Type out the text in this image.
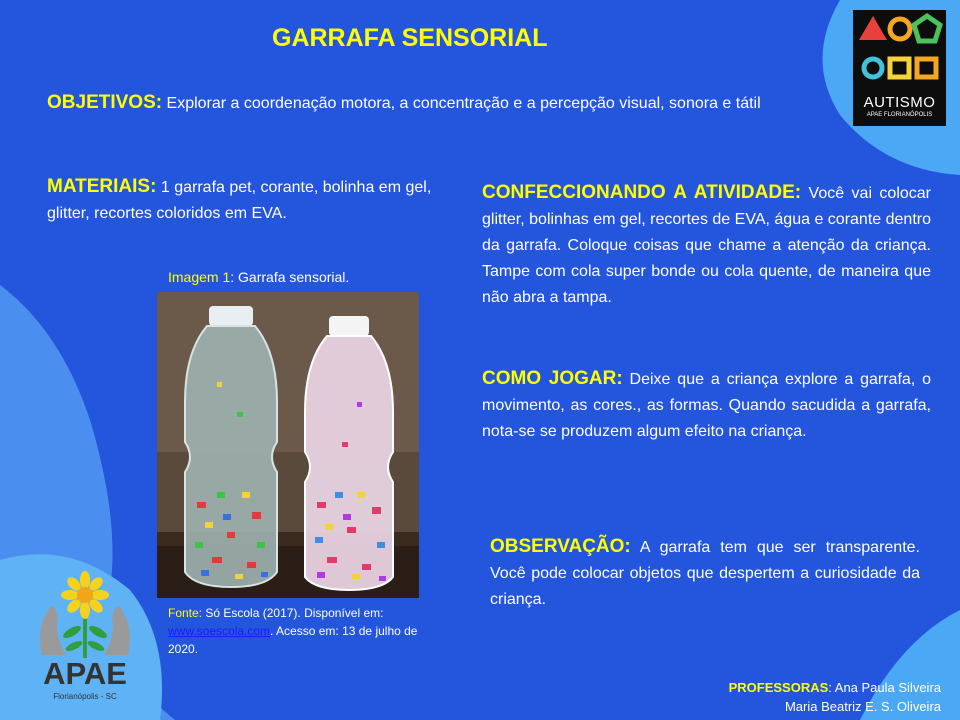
GARRAFA SENSORIAL
OBJETIVOS: Explorar a coordenação motora, a concentração e a percepção visual, sonora e tátil
MATERIAIS: 1 garrafa pet, corante, bolinha em gel, glitter, recortes coloridos em EVA.
CONFECCIONANDO A ATIVIDADE: Você vai colocar glitter, bolinhas em gel, recortes de EVA, água e corante dentro da garrafa. Coloque coisas que chame a atenção da criança. Tampe com cola super bonde ou cola quente, de maneira que não abra a tampa.
COMO JOGAR: Deixe que a criança explore a garrafa, o movimento, as cores., as formas. Quando sacudida a garrafa, nota-se se produzem algum efeito na criança.
OBSERVAÇÃO: A garrafa tem que ser transparente. Você pode colocar objetos que despertem a curiosidade da criança.
Imagem 1: Garrafa sensorial.
Fonte: Só Escola (2017). Disponível em: www.soescola.com. Acesso em: 13 de julho de 2020.
AUTISMO
APAE FLORIANÓPOLIS
APAE
Florianópolis - SC
PROFESSORAS: Ana Paula Silveira
Maria Beatriz E. S. Oliveira
